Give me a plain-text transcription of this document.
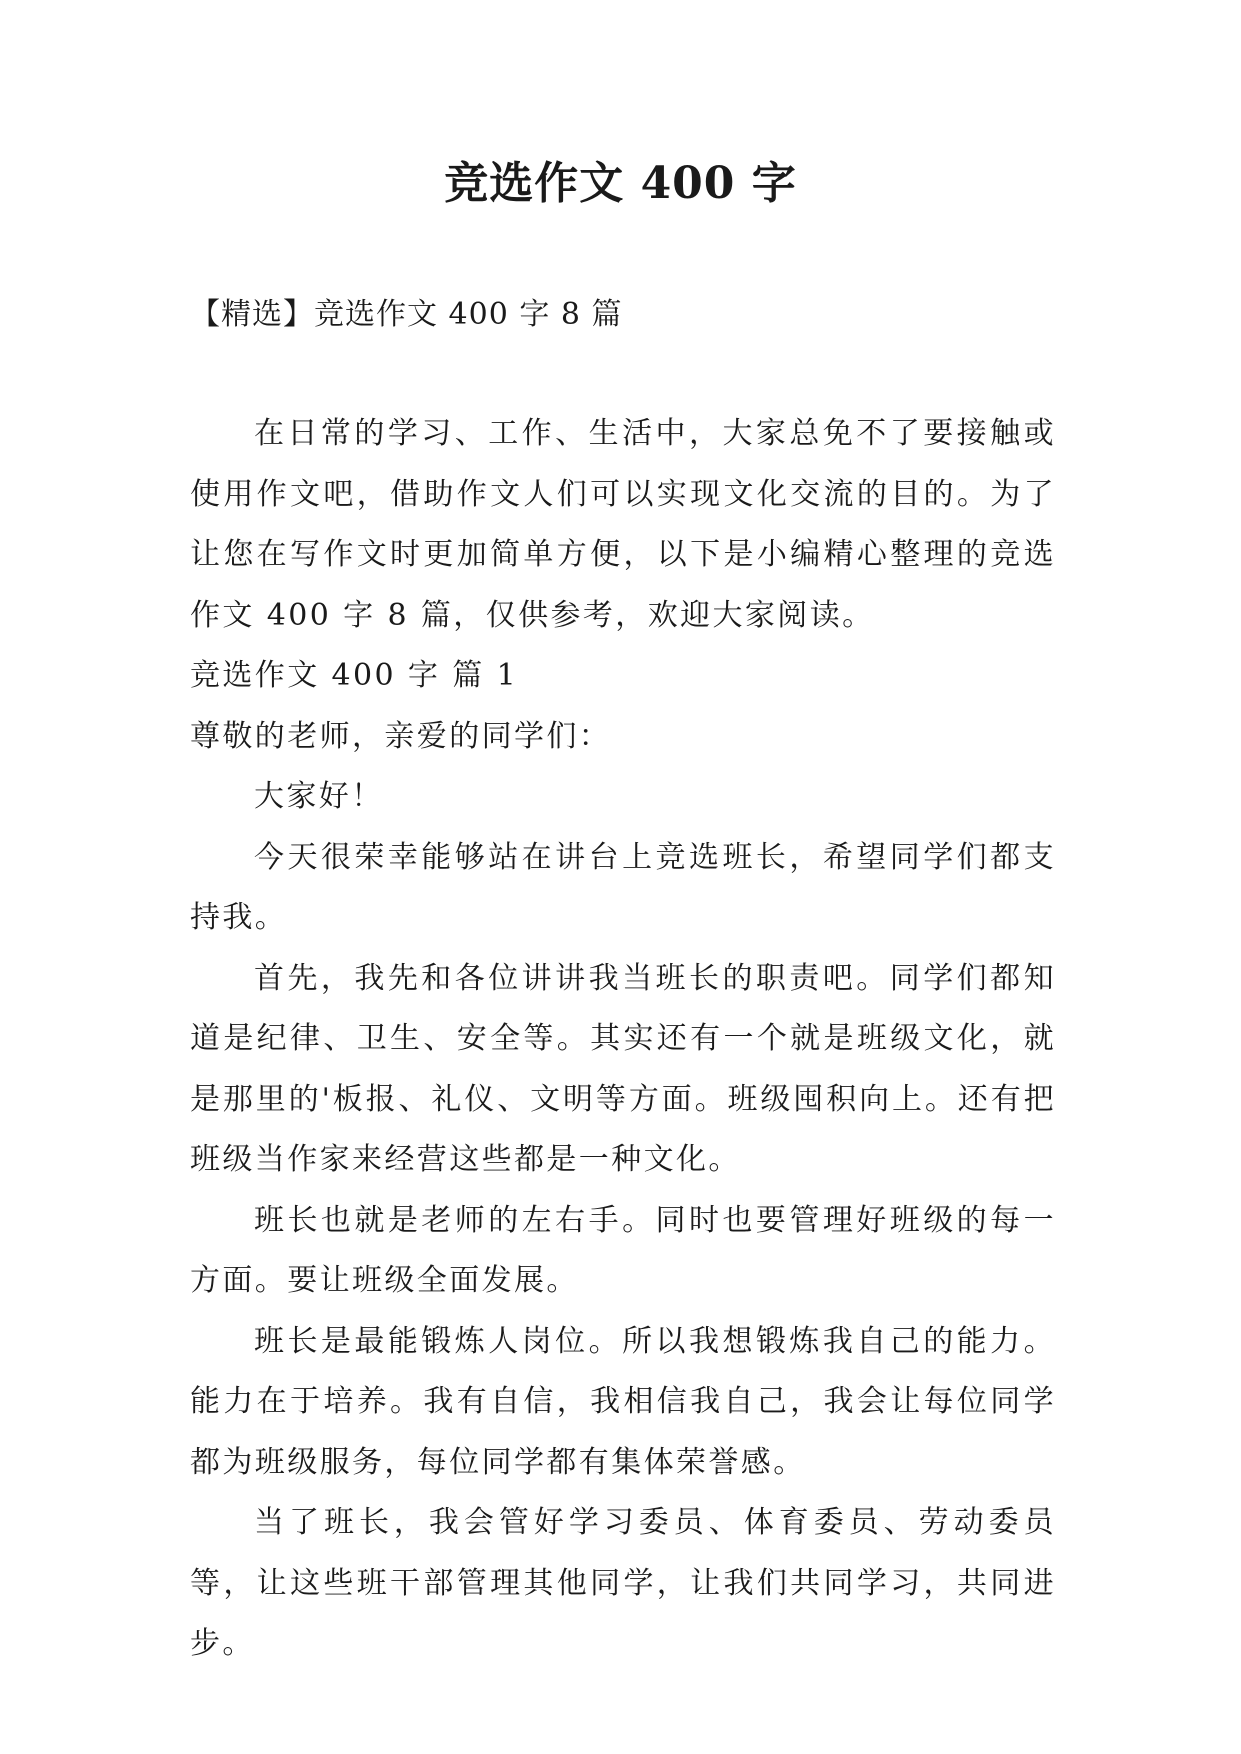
竞选作文 400 字
【精选】竞选作文 400 字 8 篇

在日常的学习、工作、生活中，大家总免不了要接触或使用作文吧，借助作文人们可以实现文化交流的目的。为了让您在写作文时更加简单方便，以下是小编精心整理的竞选作文 400 字 8 篇，仅供参考，欢迎大家阅读。

竞选作文 400 字 篇 1

尊敬的老师，亲爱的同学们：

大家好！

今天很荣幸能够站在讲台上竞选班长，希望同学们都支持我。

首先，我先和各位讲讲我当班长的职责吧。同学们都知道是纪律、卫生、安全等。其实还有一个就是班级文化，就是那里的'板报、礼仪、文明等方面。班级囤积向上。还有把班级当作家来经营这些都是一种文化。

班长也就是老师的左右手。同时也要管理好班级的每一方面。要让班级全面发展。

班长是最能锻炼人岗位。所以我想锻炼我自己的能力。能力在于培养。我有自信，我相信我自己，我会让每位同学都为班级服务，每位同学都有集体荣誉感。

当了班长，我会管好学习委员、体育委员、劳动委员等，让这些班干部管理其他同学，让我们共同学习，共同进步。
